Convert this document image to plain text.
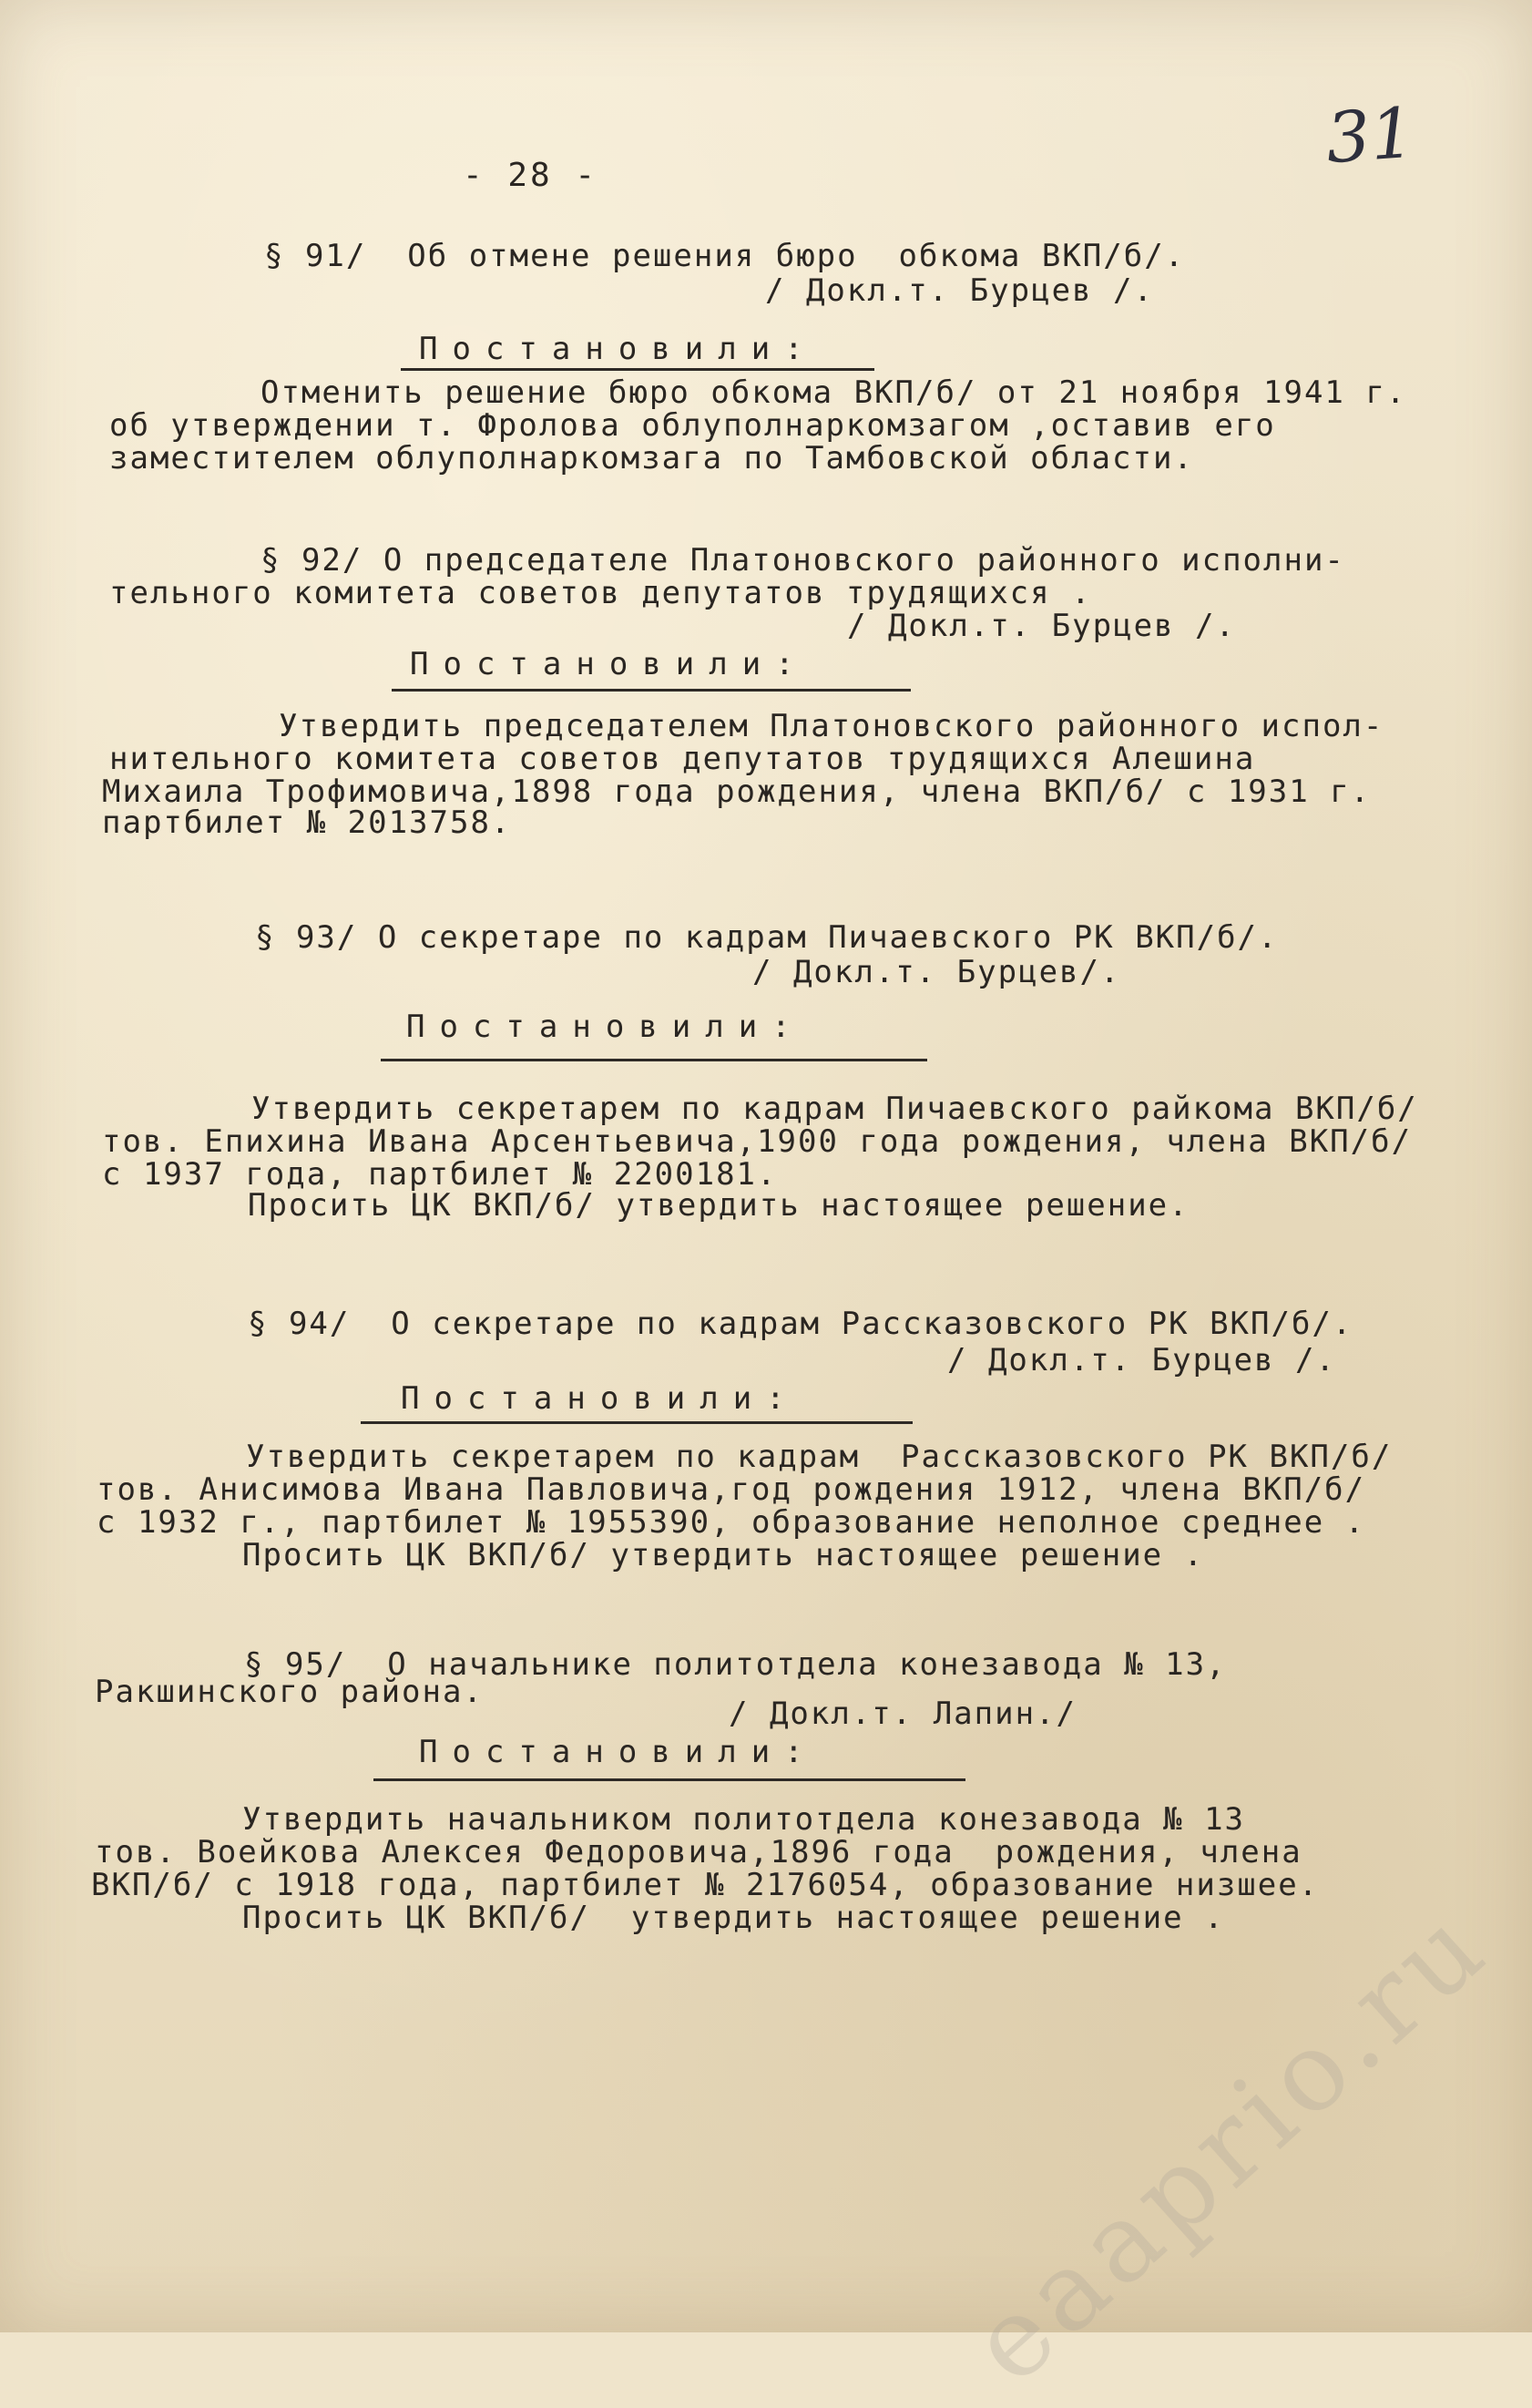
- 28 -	31
§ 91/  Об отмене решения бюро  обкома ВКП/б/.
/ Докл.т. Бурцев /.
Постановили:
Отменить решение бюро обкома ВКП/б/ от 21 ноября 1941 г.
об утверждении т. Фролова облуполнаркомзагом ,оставив его
заместителем облуполнаркомзага по Тамбовской области.
§ 92/ О председателе Платоновского районного исполни-
тельного комитета советов депутатов трудящихся .
/ Докл.т. Бурцев /.
Постановили:
Утвердить председателем Платоновского районного испол-
нительного комитета советов депутатов трудящихся Алешина
Михаила Трофимовича,1898 года рождения, члена ВКП/б/ с 1931 г.
партбилет № 2013758.
§ 93/ О секретаре по кадрам Пичаевского РК ВКП/б/.
/ Докл.т. Бурцев/.
Постановили:
Утвердить секретарем по кадрам Пичаевского райкома ВКП/б/
тов. Епихина Ивана Арсентьевича,1900 года рождения, члена ВКП/б/
с 1937 года, партбилет № 2200181.
Просить ЦК ВКП/б/ утвердить настоящее решение.
§ 94/  О секретаре по кадрам Рассказовского РК ВКП/б/.
/ Докл.т. Бурцев /.
Постановили:
Утвердить секретарем по кадрам  Рассказовского РК ВКП/б/
тов. Анисимова Ивана Павловича,год рождения 1912, члена ВКП/б/
с 1932 г., партбилет № 1955390, образование неполное среднее .
Просить ЦК ВКП/б/ утвердить настоящее решение .
§ 95/  О начальнике политотдела конезавода № 13,
Ракшинского района.
/ Докл.т. Лапин./
Постановили:
Утвердить начальником политотдела конезавода № 13
тов. Воейкова Алексея Федоровича,1896 года  рождения, члена
ВКП/б/ с 1918 года, партбилет № 2176054, образование низшее.
Просить ЦК ВКП/б/  утвердить настоящее решение .
eaaprio.ru
